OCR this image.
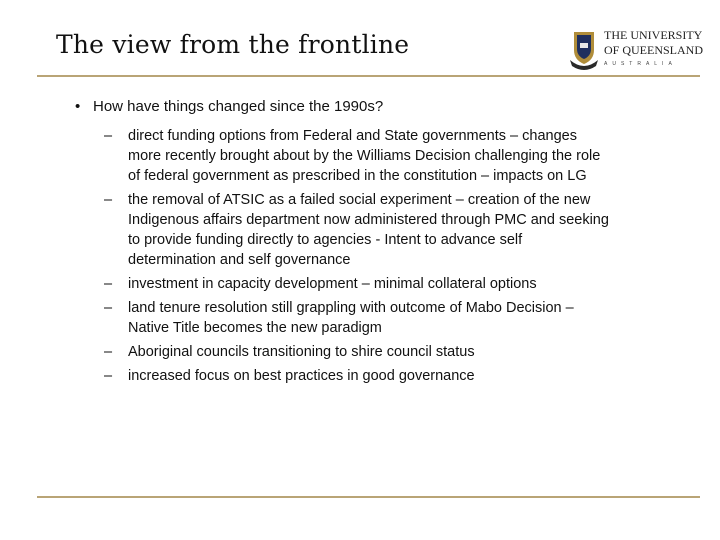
The view from the frontline	THE UNIVERSITY
OF QUEENSLAND
AUSTRALIA
• How have things changed since the 1990s?
– direct funding options from Federal and State governments – changes
more recently brought about by the Williams Decision challenging the role
of federal government as prescribed in the constitution – impacts on LG
– the removal of ATSIC as a failed social experiment – creation of the new
Indigenous affairs department now administered through PMC and seeking
to provide funding directly to agencies - Intent to advance self
determination and self governance
– investment in capacity development – minimal collateral options
– land tenure resolution still grappling with outcome of Mabo Decision –
Native Title becomes the new paradigm
– Aboriginal councils transitioning to shire council status
– increased focus on best practices in good governance
